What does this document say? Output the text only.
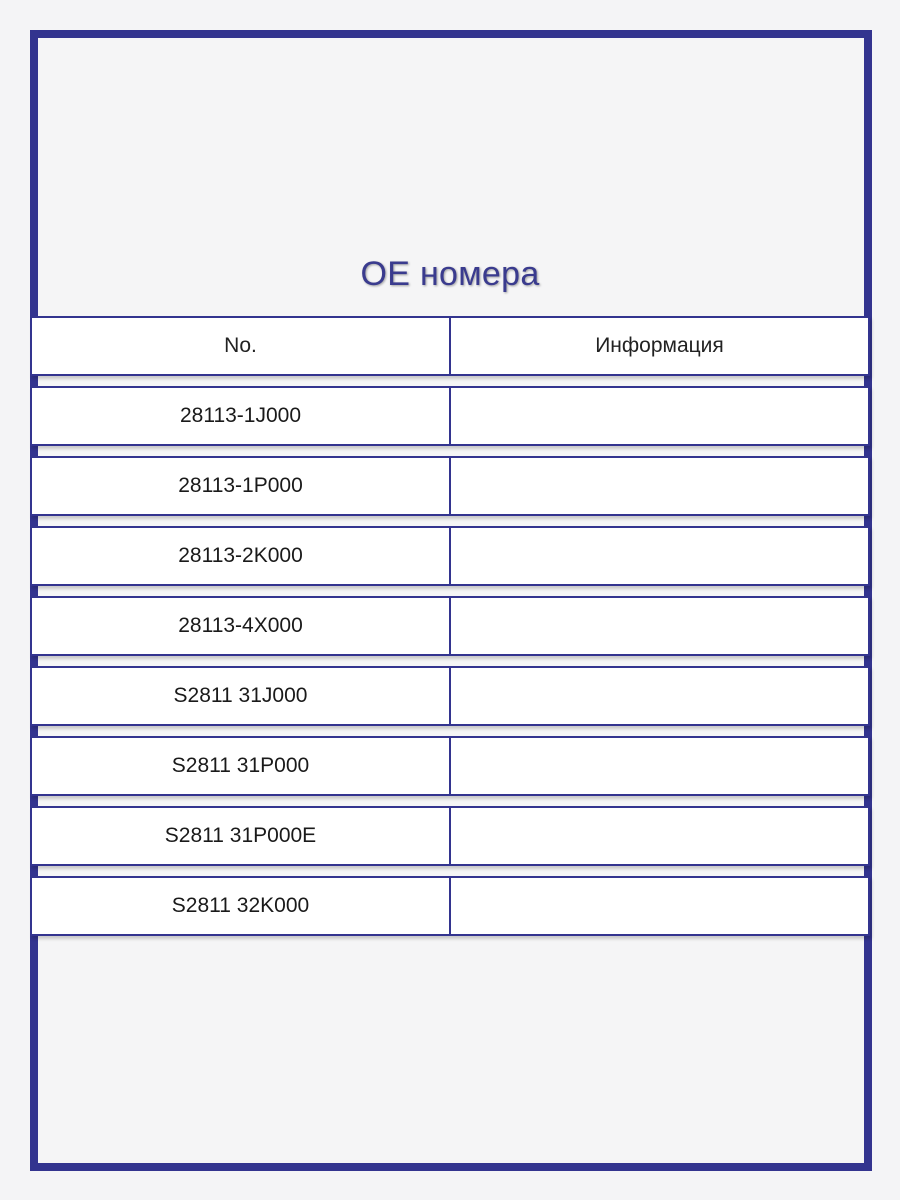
OE номера
No.	Информация
28113-1J000
28113-1P000
28113-2K000
28113-4X000
S2811 31J000
S2811 31P000
S2811 31P000E
S2811 32K000
